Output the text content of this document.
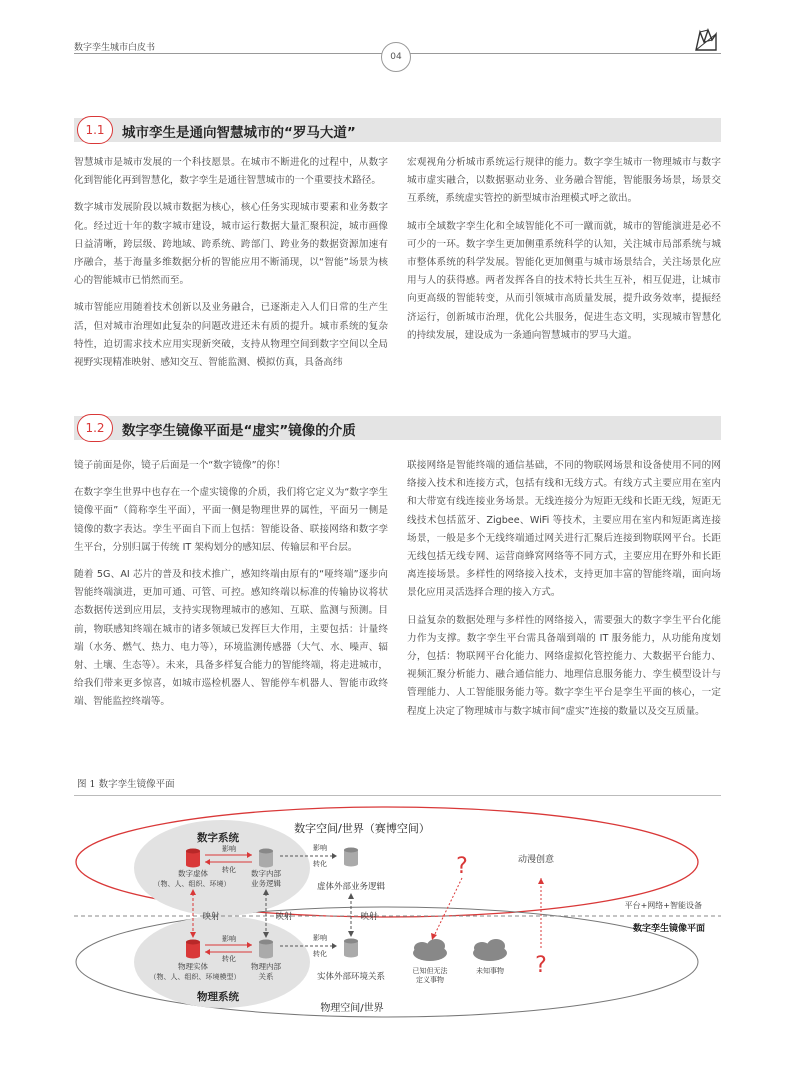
数字孪生城市白皮书
04
1.1	城市孪生是通向智慧城市的“罗马大道”

智慧城市是城市发展的一个科技愿景。在城市不断进化的过程中，从数字化到智能化再到智慧化，数字孪生是通往智慧城市的一个重要技术路径。

数字城市发展阶段以城市数据为核心，核心任务实现城市要素和业务数字化。经过近十年的数字城市建设，城市运行数据大量汇聚积淀，城市画像日益清晰，跨层级、跨地域、跨系统、跨部门、跨业务的数据资源加速有序融合，基于海量多维数据分析的智能应用不断涌现，以“智能”场景为核心的智能城市已悄然而至。

城市智能应用随着技术创新以及业务融合，已逐渐走入人们日常的生产生活，但对城市治理如此复杂的问题改进还未有质的提升。城市系统的复杂特性，迫切需求技术应用实现新突破，支持从物理空间到数字空间以全局视野实现精准映射、感知交互、智能监测、模拟仿真，具备高纬

宏观视角分析城市系统运行规律的能力。数字孪生城市一物理城市与数字城市虚实融合，以数据驱动业务、业务融合智能，智能服务场景，场景交互系统，系统虚实管控的新型城市治理模式呼之欲出。

城市全域数字孪生化和全域智能化不可一蹴而就，城市的智能演进是必不可少的一环。数字孪生更加侧重系统科学的认知，关注城市局部系统与城市整体系统的科学发展。智能化更加侧重与城市场景结合，关注场景化应用与人的获得感。两者发挥各自的技术特长共生互补，相互促进，让城市向更高级的智能转变，从而引领城市高质量发展，提升政务效率，提振经济运行，创新城市治理，优化公共服务，促进生态文明，实现城市智慧化的持续发展，建设成为一条通向智慧城市的罗马大道。

1.2	数字孪生镜像平面是“虚实”镜像的介质

镜子前面是你，镜子后面是一个“数字镜像”的你！

在数字孪生世界中也存在一个虚实镜像的介质，我们将它定义为“数字孪生镜像平面”（简称孪生平面），平面一侧是物理世界的属性，平面另一侧是镜像的数字表达。孪生平面自下而上包括：智能设备、联接网络和数字孪生平台，分别归属于传统 IT 架构划分的感知层、传输层和平台层。

随着 5G、AI 芯片的普及和技术推广，感知终端由原有的“哑终端”逐步向智能终端演进，更加可通、可管、可控。感知终端以标准的传输协议将状态数据传送到应用层，支持实现物理城市的感知、互联、监测与预测。目前，物联感知终端在城市的诸多领域已发挥巨大作用，主要包括：计量终端（水务、燃气、热力、电力等），环境监测传感器（大气、水、噪声、辐射、土壤、生态等）。未来，具备多样复合能力的智能终端，将走进城市，给我们带来更多惊喜，如城市巡检机器人、智能停车机器人、智能市政终端、智能监控终端等。

联接网络是智能终端的通信基础，不同的物联网场景和设备使用不同的网络接入技术和连接方式，包括有线和无线方式。有线方式主要应用在室内和大带宽有线连接业务场景。无线连接分为短距无线和长距无线，短距无线技术包括蓝牙、Zigbee、WiFi 等技术，主要应用在室内和短距离连接场景，一般是多个无线终端通过网关进行汇聚后连接到物联网平台。长距无线包括无线专网、运营商蜂窝网络等不同方式，主要应用在野外和长距离连接场景。多样性的网络接入技术，支持更加丰富的智能终端，面向场景化应用灵活选择合理的接入方式。

日益复杂的数据处理与多样性的网络接入，需要强大的数字孪生平台化能力作为支撑。数字孪生平台需具备端到端的 IT 服务能力，从功能角度划分，包括：物联网平台化能力、网络虚拟化管控能力、大数据平台能力、视频汇聚分析能力、融合通信能力、地理信息服务能力、孪生模型设计与管理能力、人工智能服务能力等。数字孪生平台是孪生平面的核心，一定程度上决定了物理城市与数字城市间“虚实”连接的数量以及交互质量。

图 1 数字孪生镜像平面
数字空间/世界（赛博空间）
物理空间/世界
数字系统
物理系统
数字虚体
（物、人、组织、环境）
数字内部
业务逻辑	虚体外部业务逻辑
物理实体
（物、人、组织、环境模型）
物理内部
关系	实体外部环境关系
影响
转化
影响
转化
影响
转化
影响
转化
映射	映射	映射
已知但无法
定义事物
未知事物
?
?
动漫创意
平台+网络+智能设备
数字孪生镜像平面
